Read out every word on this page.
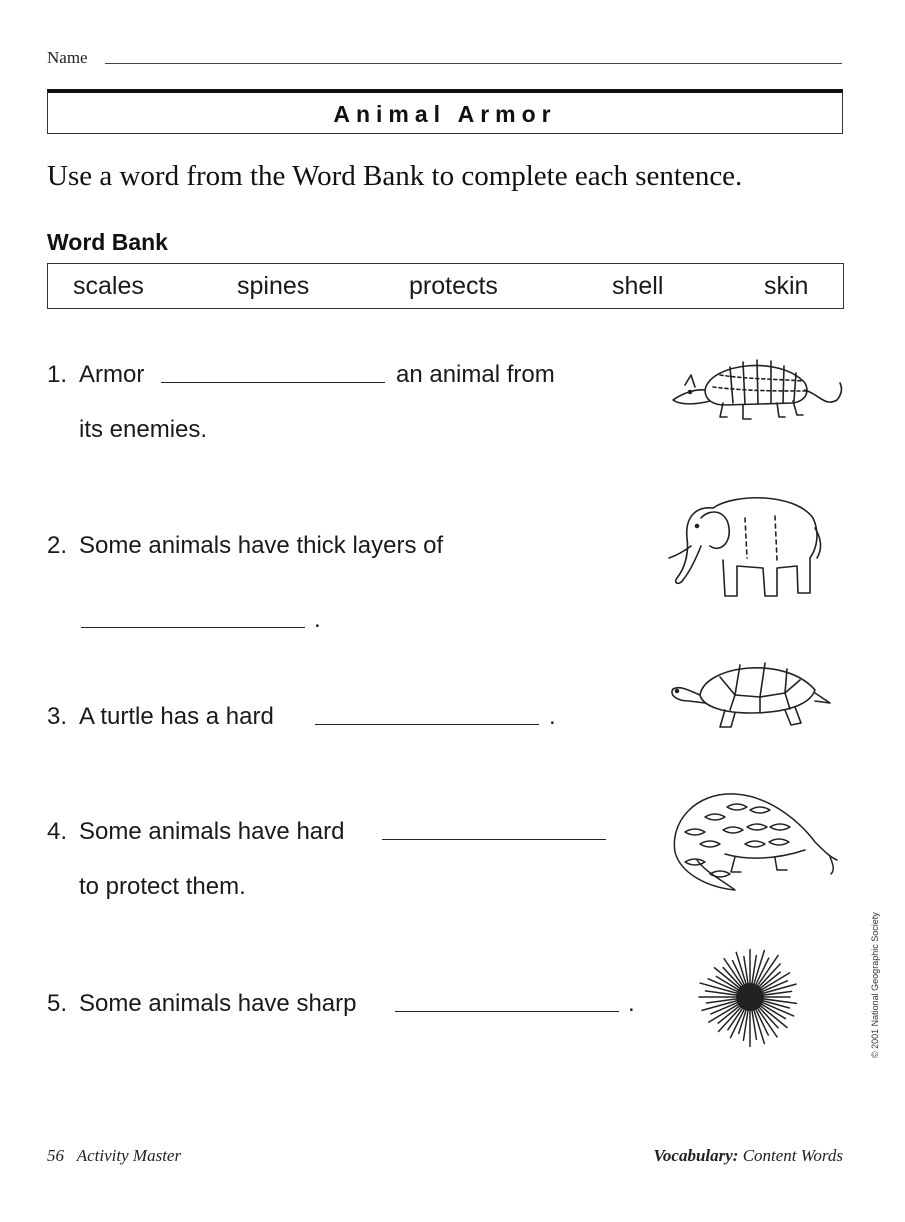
Name
Animal Armor
Use a word from the Word Bank to complete each sentence.
Word Bank
scales	spines	protects	shell	skin
1. Armor	an animal from
its enemies.
2. Some animals have thick layers of
.
3. A turtle has a hard	.
4. Some animals have hard
to protect them.
5. Some animals have sharp	.
56 Activity Master	Vocabulary: Content Words
© 2001 National Geographic Society
